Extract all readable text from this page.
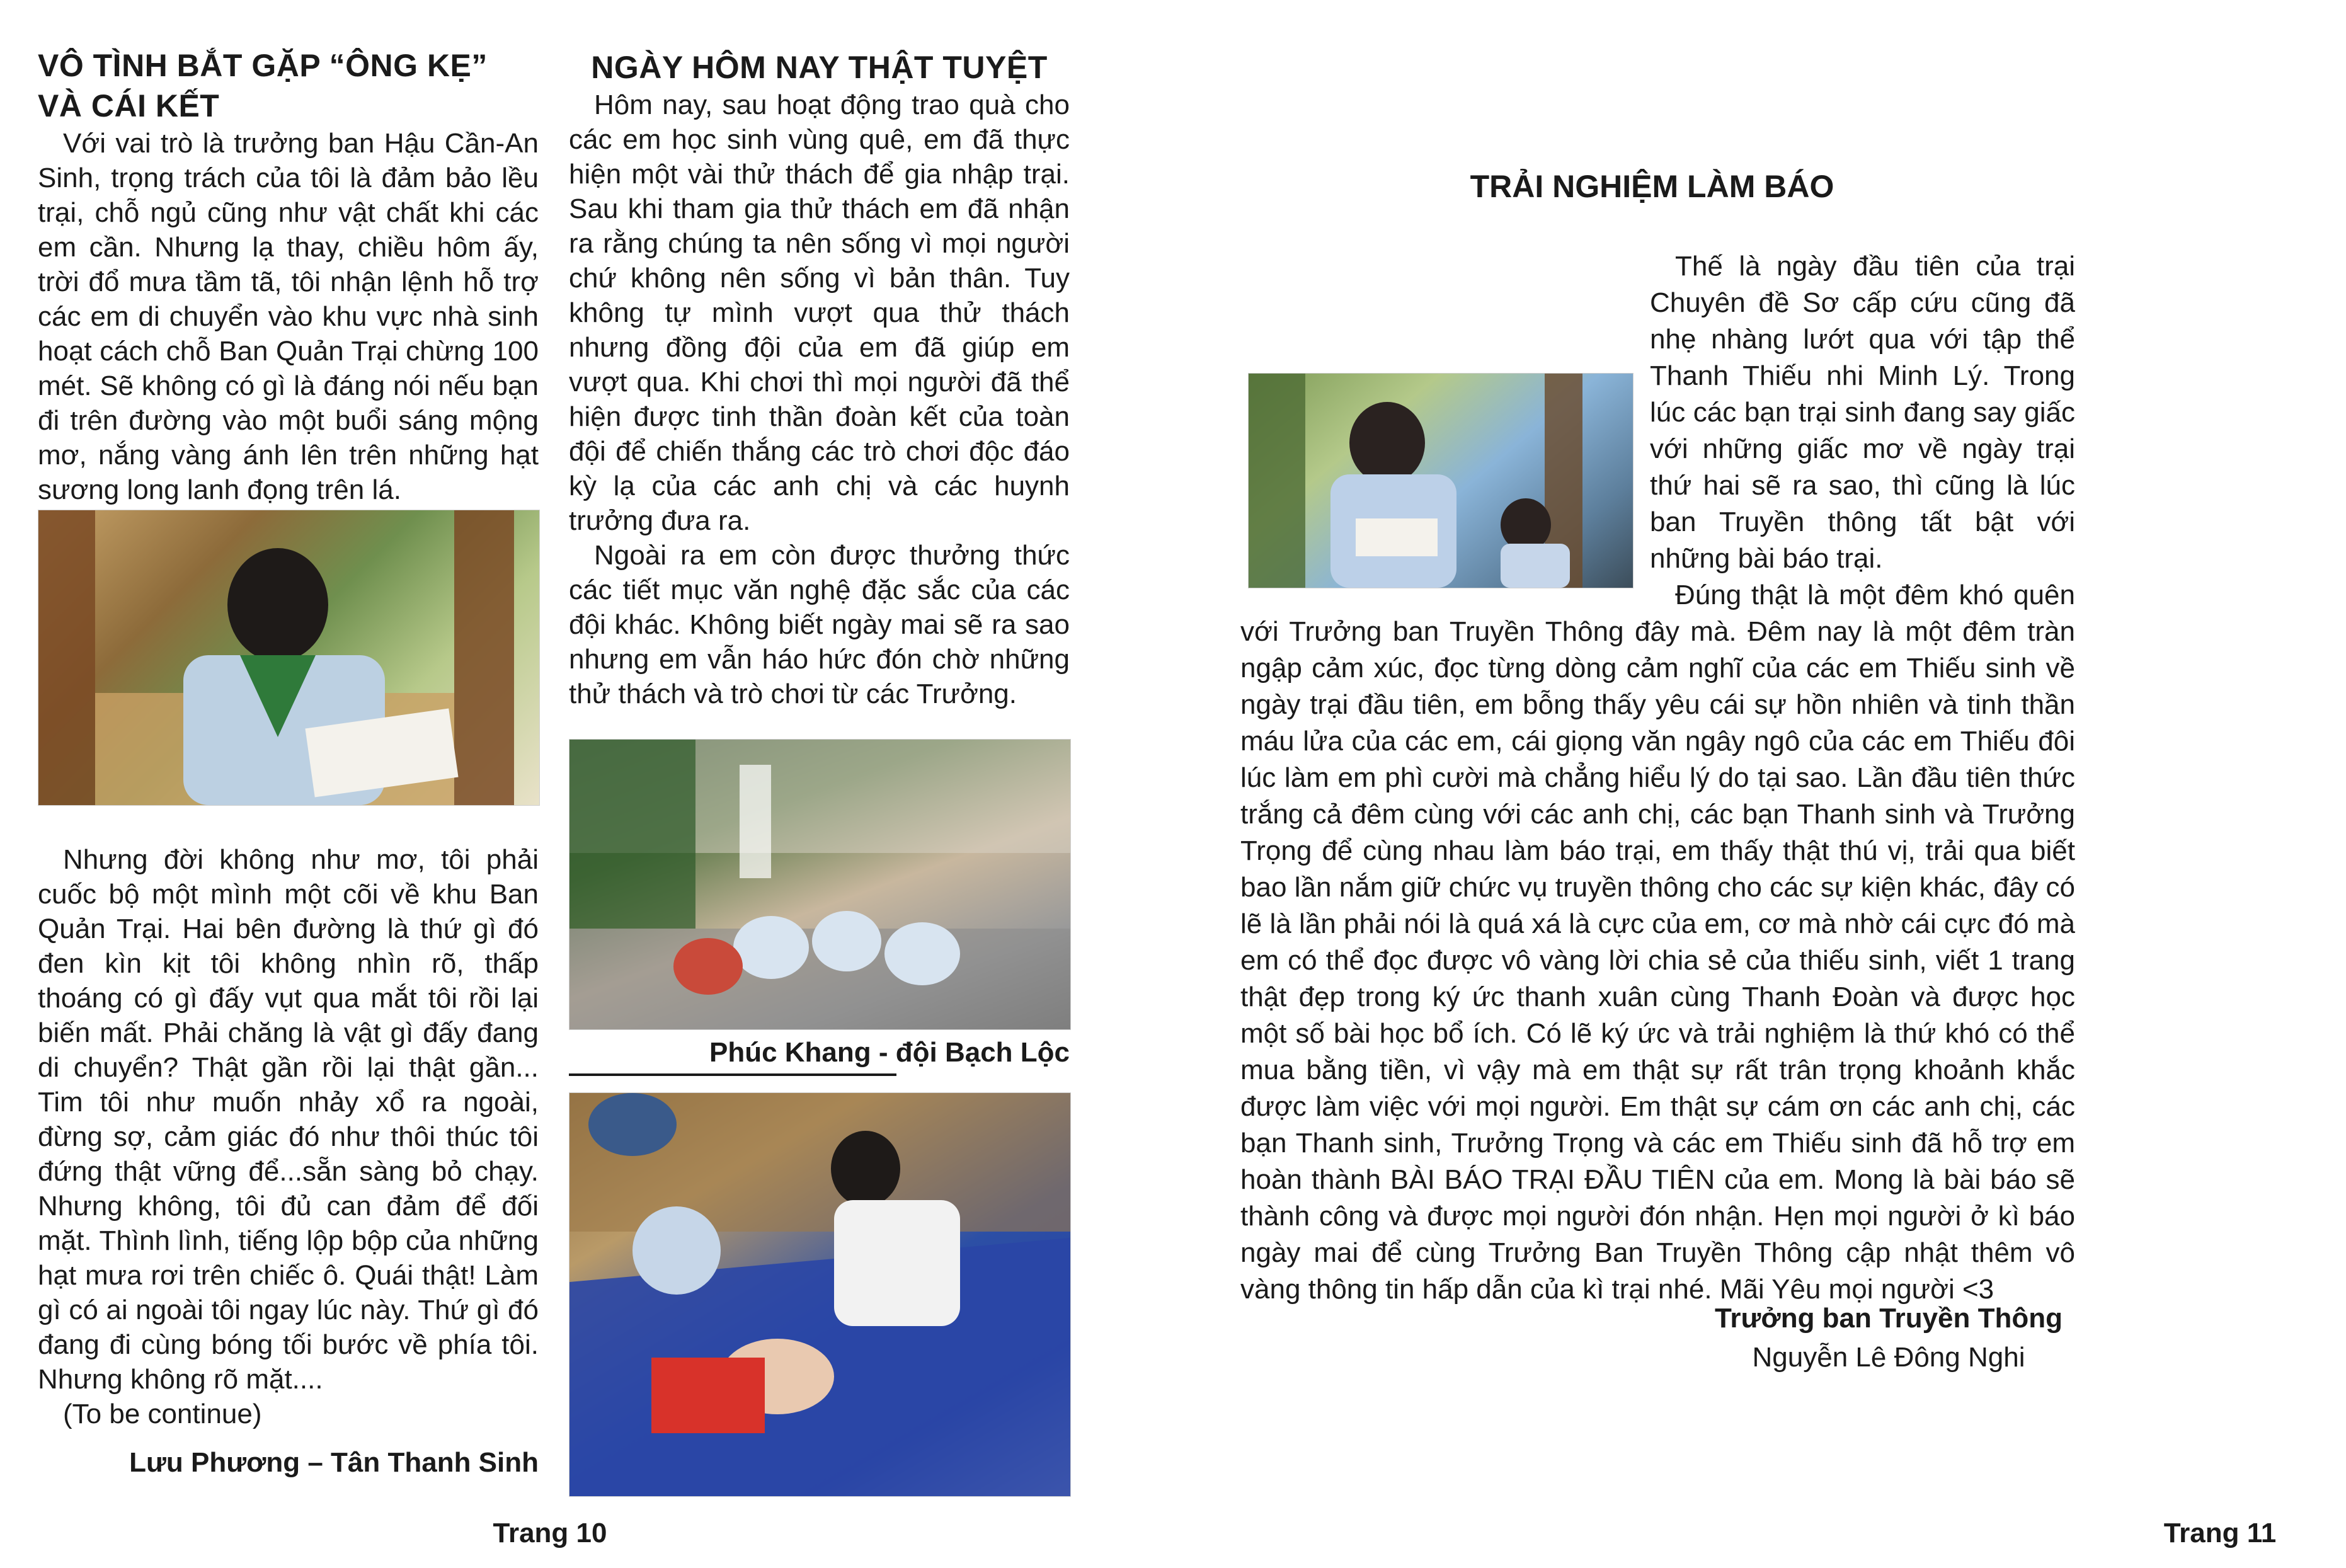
VÔ TÌNH BẮT GẶP “ÔNG KẸ” VÀ CÁI KẾT

Với vai trò là trưởng ban Hậu Cần-An Sinh, trọng trách của tôi là đảm bảo lều trại, chỗ ngủ cũng như vật chất khi các em cần. Nhưng lạ thay, chiều hôm ấy, trời đổ mưa tầm tã, tôi nhận lệnh hỗ trợ các em di chuyển vào khu vực nhà sinh hoạt cách chỗ Ban Quản Trại chừng 100 mét. Sẽ không có gì là đáng nói nếu bạn đi trên đường vào một buổi sáng mộng mơ, nắng vàng ánh lên trên những hạt sương long lanh đọng trên lá.

Nhưng đời không như mơ, tôi phải cuốc bộ một mình một cõi về khu Ban Quản Trại. Hai bên đường là thứ gì đó đen kìn kịt tôi không nhìn rõ, thấp thoáng có gì đấy vụt qua mắt tôi rồi lại biến mất. Phải chăng là vật gì đấy đang di chuyển? Thật gần rồi lại thật gần... Tim tôi như muốn nhảy xổ ra ngoài, đừng sợ, cảm giác đó như thôi thúc tôi đứng thật vững để...sẵn sàng bỏ chạy. Nhưng không, tôi đủ can đảm để đối mặt. Thình lình, tiếng lộp bộp của những hạt mưa rơi trên chiếc ô. Quái thật! Làm gì có ai ngoài tôi ngay lúc này. Thứ gì đó đang đi cùng bóng tối bước về phía tôi. Nhưng không rõ mặt....

(To be continue)

Lưu Phương – Tân Thanh Sinh
NGÀY HÔM NAY THẬT TUYỆT

Hôm nay, sau hoạt động trao quà cho các em học sinh vùng quê, em đã thực hiện một vài thử thách để gia nhập trại. Sau khi tham gia thử thách em đã nhận ra rằng chúng ta nên sống vì mọi người chứ không nên sống vì bản thân. Tuy không tự mình vượt qua thử thách nhưng đồng đội của em đã giúp em vượt qua. Khi chơi thì mọi người đã thể hiện được tinh thần đoàn kết của toàn đội để chiến thắng các trò chơi độc đáo kỳ lạ của các anh chị và các huynh trưởng đưa ra.

Ngoài ra em còn được thưởng thức các tiết mục văn nghệ đặc sắc của các đội khác. Không biết ngày mai sẽ ra sao nhưng em vẫn háo hức đón chờ những thử thách và trò chơi từ các Trưởng.

Phúc Khang - đội Bạch Lộc
Trang 10
TRẢI NGHIỆM LÀM BÁO
Trưởng ban Truyền Thông
Nguyễn Lê Đông Nghi
Trang 11

Thế là ngày đầu tiên của trại Chuyên đề Sơ cấp cứu cũng đã nhẹ nhàng lướt qua với tập thể Thanh Thiếu nhi Minh Lý. Trong lúc các bạn trại sinh đang say giấc với những giấc mơ về ngày trại thứ hai sẽ ra sao, thì cũng là lúc ban Truyền thông tất bật với những bài báo trại.

Đúng thật là một đêm khó quên với Trưởng ban Truyền Thông đây mà. Đêm nay là một đêm tràn ngập cảm xúc, đọc từng dòng cảm nghĩ của các em Thiếu sinh về ngày trại đầu tiên, em bỗng thấy yêu cái sự hồn nhiên và tinh thần máu lửa của các em, cái giọng văn ngây ngô của các em Thiếu đôi lúc làm em phì cười mà chẳng hiểu lý do tại sao. Lần đầu tiên thức trắng cả đêm cùng với các anh chị, các bạn Thanh sinh và Trưởng Trọng để cùng nhau làm báo trại, em thấy thật thú vị, trải qua biết bao lần nắm giữ chức vụ truyền thông cho các sự kiện khác, đây có lẽ là lần phải nói là quá xá là cực của em, cơ mà nhờ cái cực đó mà em có thể đọc được vô vàng lời chia sẻ của thiếu sinh, viết 1 trang thật đẹp trong ký ức thanh xuân cùng Thanh Đoàn và được học một số bài học bổ ích. Có lẽ ký ức và trải nghiệm là thứ khó có thể mua bằng tiền, vì vậy mà em thật sự rất trân trọng khoảnh khắc được làm việc với mọi người. Em thật sự cám ơn các anh chị, các bạn Thanh sinh, Trưởng Trọng và các em Thiếu sinh đã hỗ trợ em hoàn thành BÀI BÁO TRẠI ĐẦU TIÊN của em. Mong là bài báo sẽ thành công và được mọi người đón nhận. Hẹn mọi người ở kì báo ngày mai để cùng Trưởng Ban Truyền Thông cập nhật thêm vô vàng thông tin hấp dẫn của kì trại nhé. Mãi Yêu mọi người <3
